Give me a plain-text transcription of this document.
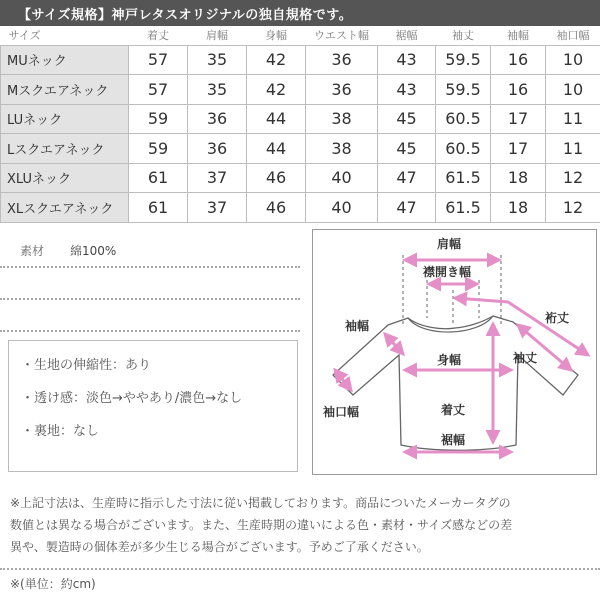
【サイズ規格】神戸レタスオリジナルの独自規格です。
サイズ	着丈	肩幅	身幅	ウエスト幅	裾幅	袖丈	袖幅	袖口幅
MUネック	57	35	42	36	43	59.5	16	10
Mスクエアネック	57	35	42	36	43	59.5	16	10
LUネック	59	36	44	38	45	60.5	17	11
Lスクエアネック	59	36	44	38	45	60.5	17	11
XLUネック	61	37	46	40	47	61.5	18	12
XLスクエアネック	61	37	46	40	47	61.5	18	12
素材	綿100%
・生地の伸縮性：あり
・透け感：淡色→ややあり/濃色→なし
・裏地：なし
肩幅
襟開き幅
裄丈
袖幅
袖丈
身幅
袖口幅	着丈
裾幅
※上記寸法は、生産時に指示した寸法に従い掲載しております。商品についたメーカータグの
数値とは異なる場合がございます。また、生産時期の違いによる色・素材・サイズ感などの差
異や、製造時の個体差が多少生じる場合がございます。予めご了承ください。
※(単位：約cm)
